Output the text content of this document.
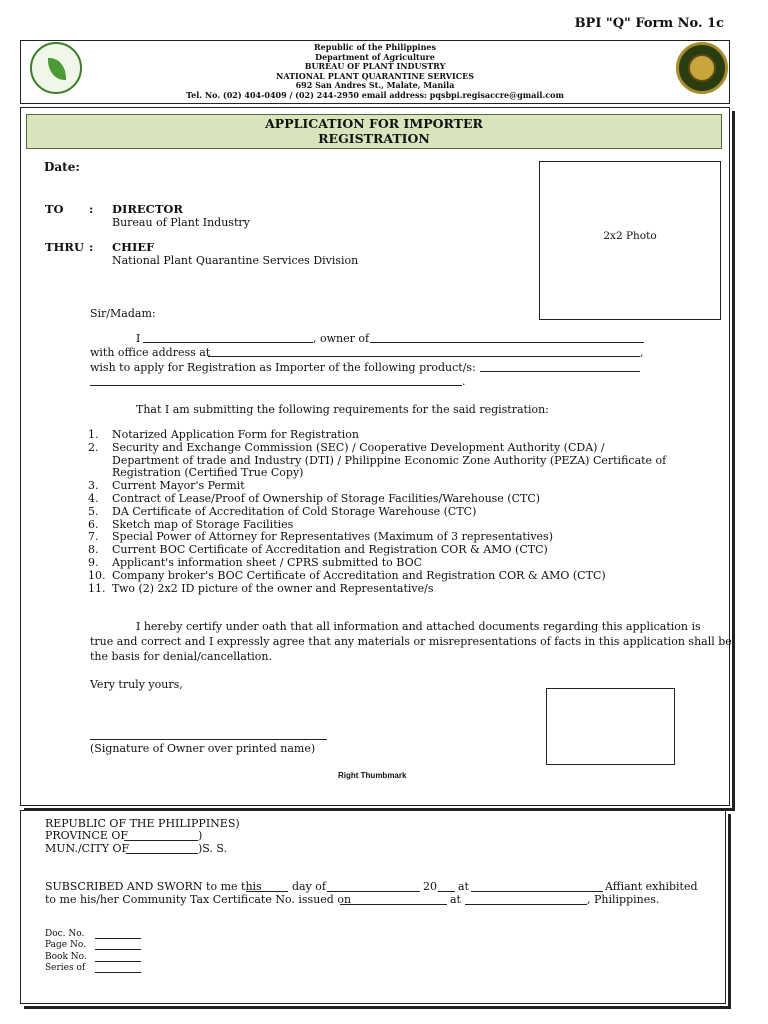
BPI "Q" Form No. 1c
Republic of the Philippines
Department of Agriculture
BUREAU OF PLANT INDUSTRY
NATIONAL PLANT QUARANTINE SERVICES
692 San Andres St., Malate, Manila
Tel. No. (02) 404-0409 / (02) 244-2950 email address: pqsbpi.regisaccre@gmail.com
APPLICATION FOR IMPORTER
REGISTRATION
Date:
2x2 Photo
TO : DIRECTOR
Bureau of Plant Industry
THRU : CHIEF
National Plant Quarantine Services Division
Sir/Madam:
I	, owner of
with office address at	,
wish to apply for Registration as Importer of the following product/s:
.
That I am submitting the following requirements for the said registration:
1.	Notarized Application Form for Registration
2.	Security and Exchange Commission (SEC) / Cooperative Development Authority (CDA) /
Department of trade and Industry (DTI) / Philippine Economic Zone Authority (PEZA) Certificate of
Registration (Certified True Copy)
3.	Current Mayor's Permit
4.	Contract of Lease/Proof of Ownership of Storage Facilities/Warehouse (CTC)
5.	DA Certificate of Accreditation of Cold Storage Warehouse (CTC)
6.	Sketch map of Storage Facilities
7.	Special Power of Attorney for Representatives (Maximum of 3 representatives)
8.	Current BOC Certificate of Accreditation and Registration COR & AMO (CTC)
9.	Applicant's information sheet / CPRS submitted to BOC
10. Company broker's BOC Certificate of Accreditation and Registration COR & AMO (CTC)
11. Two (2) 2x2 ID picture of the owner and Representative/s
I hereby certify under oath that all information and attached documents regarding this application is
true and correct and I expressly agree that any materials or misrepresentations of facts in this application shall be
the basis for denial/cancellation.
Very truly yours,
(Signature of Owner over printed name)
Right Thumbmark
REPUBLIC OF THE PHILIPPINES)
PROVINCE OF	)
MUN./CITY OF	)S. S.
SUBSCRIBED AND SWORN to me this	day of	20 at	Affiant exhibited
to me his/her Community Tax Certificate No. issued on	at	, Philippines.
Doc. No.
Page No.
Book No.
Series of
